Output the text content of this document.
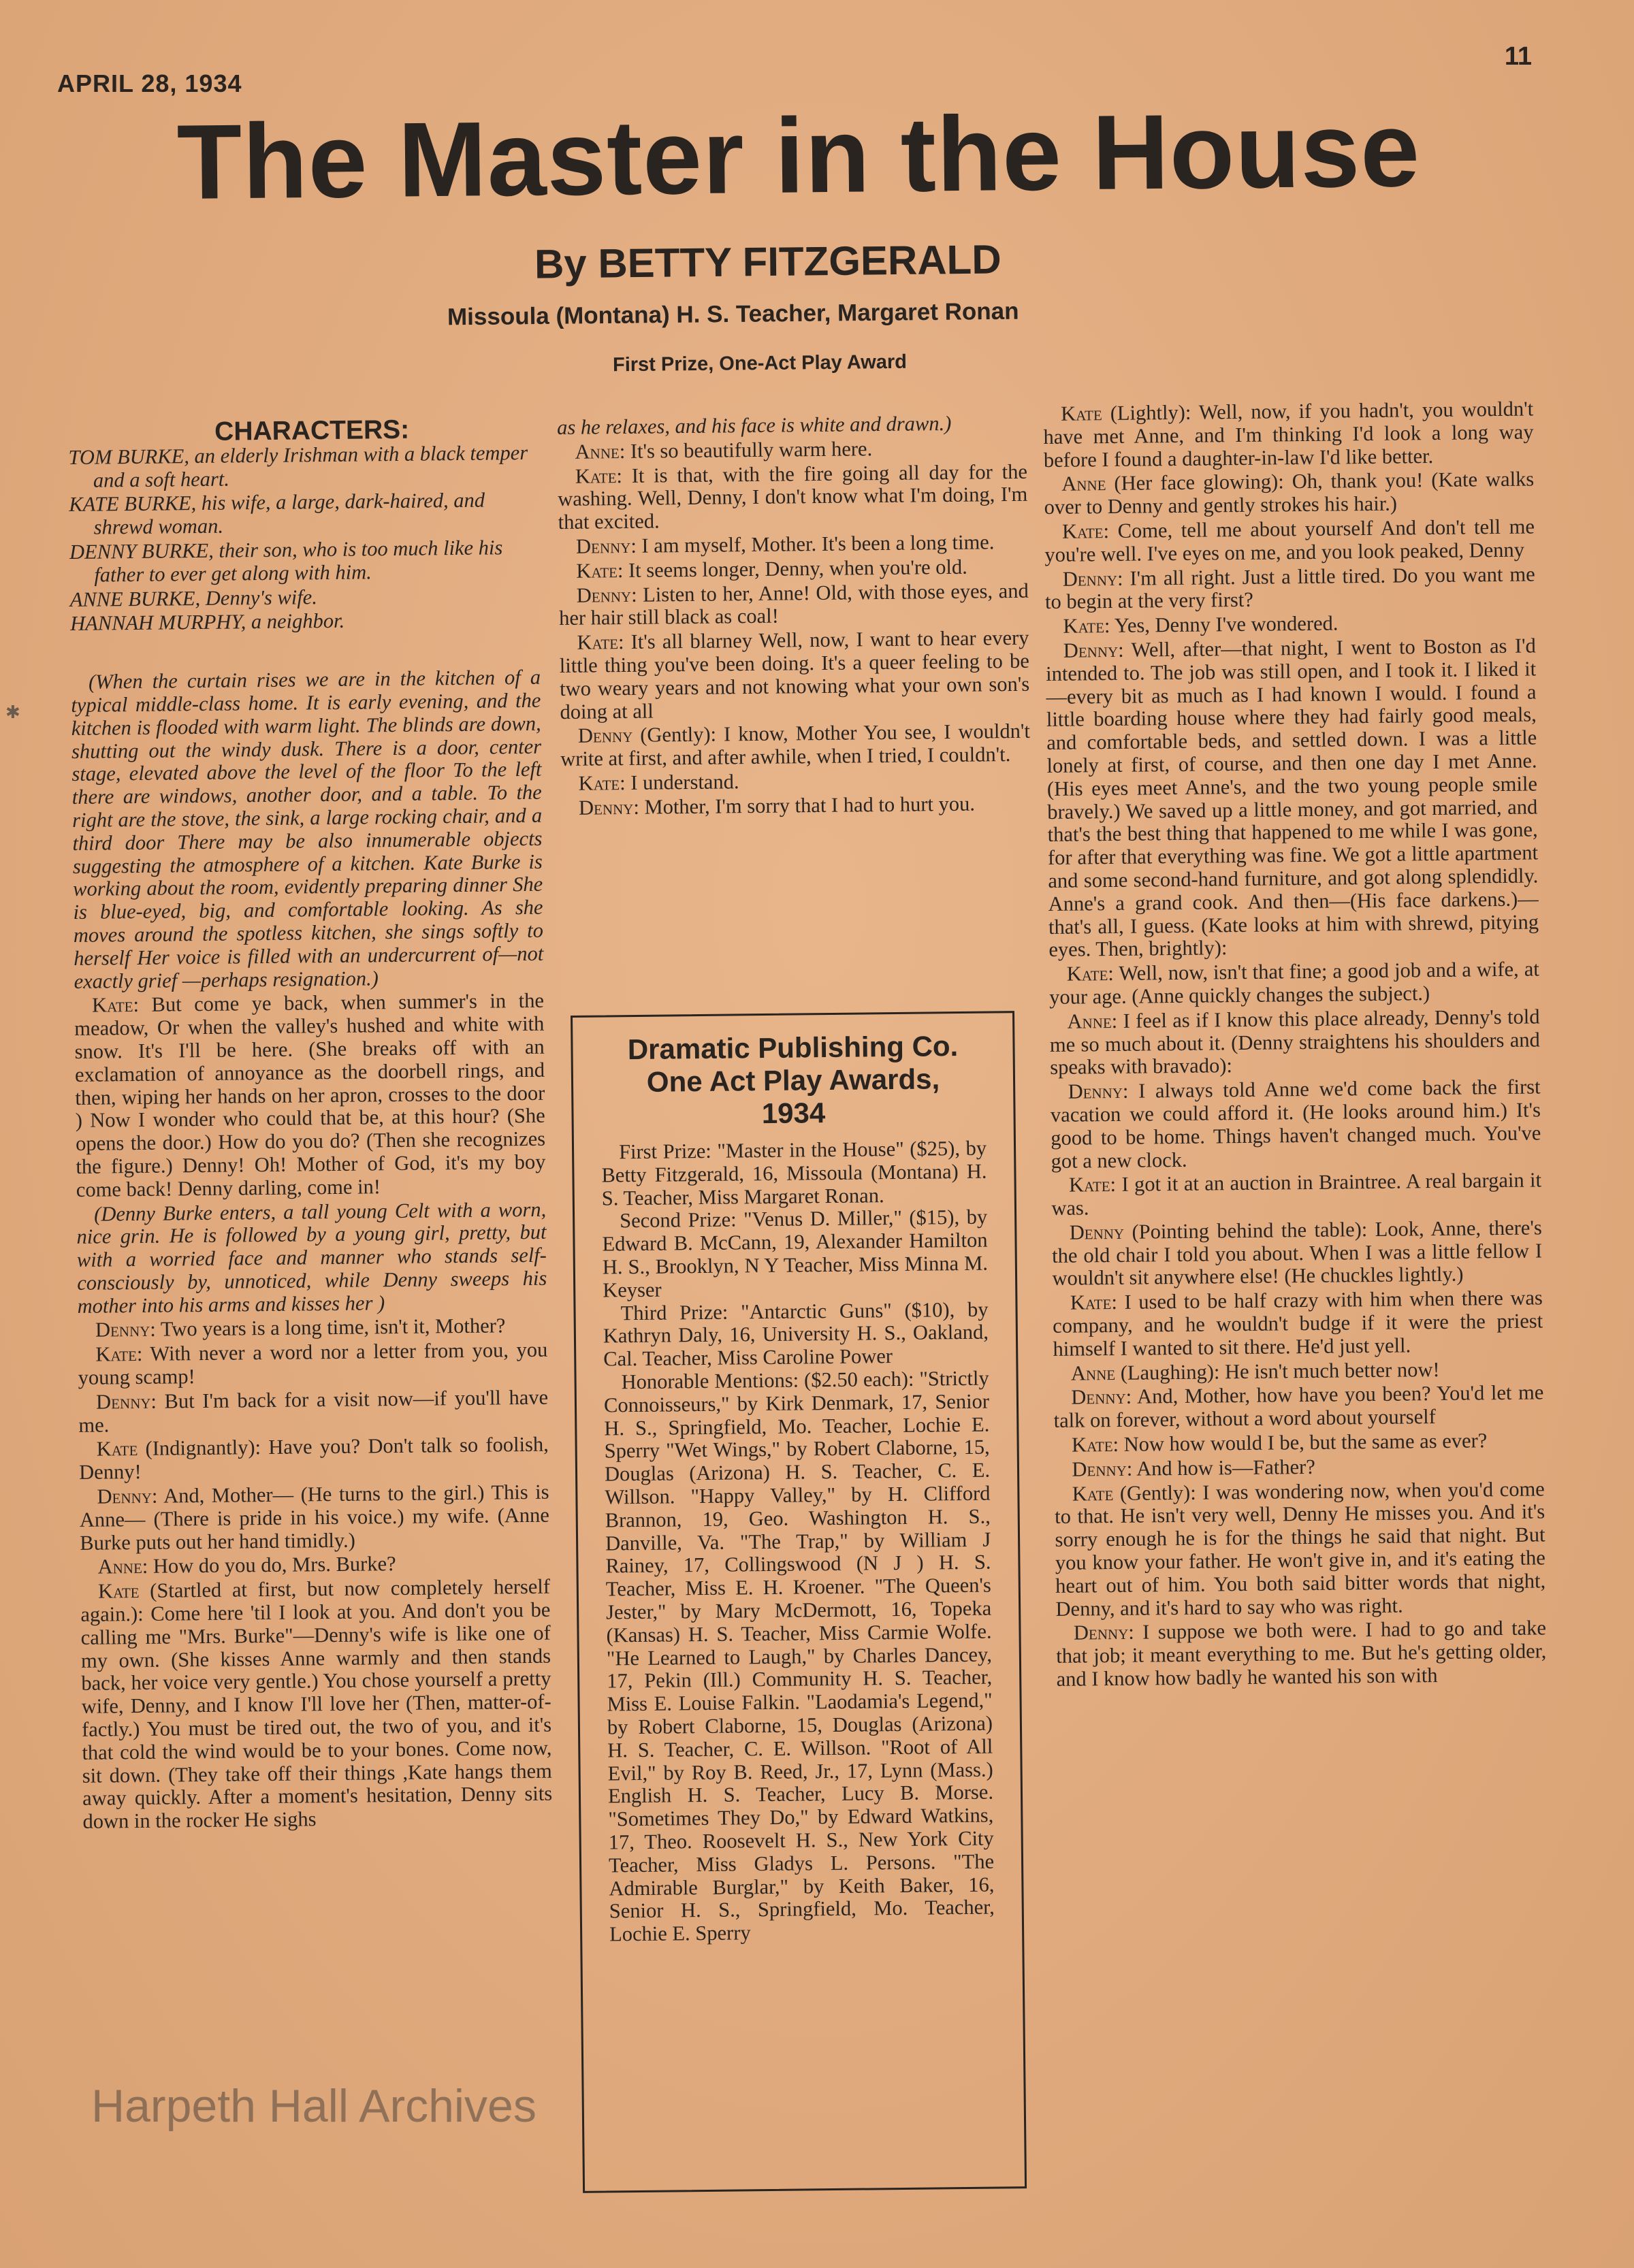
APRIL 28, 1934
11
✱
The Master in the House
By BETTY FITZGERALD
Missoula (Montana) H. S. Teacher, Margaret Ronan
First Prize, One-Act Play Award

CHARACTERS:

TOM BURKE, an elderly Irishman with a black temper and a soft heart.

KATE BURKE, his wife, a large, dark-haired, and shrewd woman.

DENNY BURKE, their son, who is too much like his father to ever get along with him.

ANNE BURKE, Denny's wife.

HANNAH MURPHY, a neighbor.

(When the curtain rises we are in the kitchen of a typical middle-class home. It is early evening, and the kitchen is flooded with warm light. The blinds are down, shutting out the windy dusk. There is a door, center stage, elevated above the level of the floor To the left there are windows, another door, and a table. To the right are the stove, the sink, a large rocking chair, and a third door There may be also innumerable objects suggesting the atmosphere of a kitchen. Kate Burke is working about the room, evidently preparing dinner She is blue-eyed, big, and comfortable looking. As she moves around the spotless kitchen, she sings softly to herself Her voice is filled with an undercurrent of—not exactly grief —perhaps resignation.)

Kate: But come ye back, when summer's in the meadow, Or when the valley's hushed and white with snow. It's I'll be here. (She breaks off with an exclamation of annoyance as the doorbell rings, and then, wiping her hands on her apron, crosses to the door ) Now I wonder who could that be, at this hour? (She opens the door.) How do you do? (Then she recognizes the figure.) Denny! Oh! Mother of God, it's my boy come back! Denny darling, come in!

(Denny Burke enters, a tall young Celt with a worn, nice grin. He is followed by a young girl, pretty, but with a worried face and manner who stands self-consciously by, unnoticed, while Denny sweeps his mother into his arms and kisses her )

Denny: Two years is a long time, isn't it, Mother?

Kate: With never a word nor a letter from you, you young scamp!

Denny: But I'm back for a visit now—if you'll have me.

Kate (Indignantly): Have you? Don't talk so foolish, Denny!

Denny: And, Mother— (He turns to the girl.) This is Anne— (There is pride in his voice.) my wife. (Anne Burke puts out her hand timidly.)

Anne: How do you do, Mrs. Burke?

Kate (Startled at first, but now completely herself again.): Come here 'til I look at you. And don't you be calling me "Mrs. Burke"—Denny's wife is like one of my own. (She kisses Anne warmly and then stands back, her voice very gentle.) You chose yourself a pretty wife, Denny, and I know I'll love her (Then, matter-of-factly.) You must be tired out, the two of you, and it's that cold the wind would be to your bones. Come now, sit down. (They take off their things ,Kate hangs them away quickly. After a moment's hesitation, Denny sits down in the rocker He sighs

as he relaxes, and his face is white and drawn.)

Anne: It's so beautifully warm here.

Kate: It is that, with the fire going all day for the washing. Well, Denny, I don't know what I'm doing, I'm that excited.

Denny: I am myself, Mother. It's been a long time.

Kate: It seems longer, Denny, when you're old.

Denny: Listen to her, Anne! Old, with those eyes, and her hair still black as coal!

Kate: It's all blarney Well, now, I want to hear every little thing you've been doing. It's a queer feeling to be two weary years and not knowing what your own son's doing at all

Denny (Gently): I know, Mother You see, I wouldn't write at first, and after awhile, when I tried, I couldn't.

Kate: I understand.

Denny: Mother, I'm sorry that I had to hurt you.

Dramatic Publishing Co.
One Act Play Awards,
1934

First Prize: "Master in the House" ($25), by Betty Fitzgerald, 16, Missoula (Montana) H. S. Teacher, Miss Margaret Ronan.

Second Prize: "Venus D. Miller," ($15), by Edward B. McCann, 19, Alexander Hamilton H. S., Brooklyn, N Y Teacher, Miss Minna M. Keyser

Third Prize: "Antarctic Guns" ($10), by Kathryn Daly, 16, University H. S., Oakland, Cal. Teacher, Miss Caroline Power

Honorable Mentions: ($2.50 each): "Strictly Connoisseurs," by Kirk Denmark, 17, Senior H. S., Springfield, Mo. Teacher, Lochie E. Sperry "Wet Wings," by Robert Claborne, 15, Douglas (Arizona) H. S. Teacher, C. E. Willson. "Happy Valley," by H. Clifford Brannon, 19, Geo. Washington H. S., Danville, Va. "The Trap," by William J Rainey, 17, Collingswood (N J ) H. S. Teacher, Miss E. H. Kroener. "The Queen's Jester," by Mary McDermott, 16, Topeka (Kansas) H. S. Teacher, Miss Carmie Wolfe. "He Learned to Laugh," by Charles Dancey, 17, Pekin (Ill.) Community H. S. Teacher, Miss E. Louise Falkin. "Laodamia's Legend," by Robert Claborne, 15, Douglas (Arizona) H. S. Teacher, C. E. Willson. "Root of All Evil," by Roy B. Reed, Jr., 17, Lynn (Mass.) English H. S. Teacher, Lucy B. Morse. "Sometimes They Do," by Edward Watkins, 17, Theo. Roosevelt H. S., New York City Teacher, Miss Gladys L. Persons. "The Admirable Burglar," by Keith Baker, 16, Senior H. S., Springfield, Mo. Teacher, Lochie E. Sperry

Kate (Lightly): Well, now, if you hadn't, you wouldn't have met Anne, and I'm thinking I'd look a long way before I found a daughter-in-law I'd like better.

Anne (Her face glowing): Oh, thank you! (Kate walks over to Denny and gently strokes his hair.)

Kate: Come, tell me about yourself And don't tell me you're well. I've eyes on me, and you look peaked, Denny

Denny: I'm all right. Just a little tired. Do you want me to begin at the very first?

Kate: Yes, Denny I've wondered.

Denny: Well, after—that night, I went to Boston as I'd intended to. The job was still open, and I took it. I liked it—every bit as much as I had known I would. I found a little boarding house where they had fairly good meals, and comfortable beds, and settled down. I was a little lonely at first, of course, and then one day I met Anne. (His eyes meet Anne's, and the two young people smile bravely.) We saved up a little money, and got married, and that's the best thing that happened to me while I was gone, for after that everything was fine. We got a little apartment and some second-hand furniture, and got along splendidly. Anne's a grand cook. And then—(His face darkens.)—that's all, I guess. (Kate looks at him with shrewd, pitying eyes. Then, brightly):

Kate: Well, now, isn't that fine; a good job and a wife, at your age. (Anne quickly changes the subject.)

Anne: I feel as if I know this place already, Denny's told me so much about it. (Denny straightens his shoulders and speaks with bravado):

Denny: I always told Anne we'd come back the first vacation we could afford it. (He looks around him.) It's good to be home. Things haven't changed much. You've got a new clock.

Kate: I got it at an auction in Braintree. A real bargain it was.

Denny (Pointing behind the table): Look, Anne, there's the old chair I told you about. When I was a little fellow I wouldn't sit anywhere else! (He chuckles lightly.)

Kate: I used to be half crazy with him when there was company, and he wouldn't budge if it were the priest himself I wanted to sit there. He'd just yell.

Anne (Laughing): He isn't much better now!

Denny: And, Mother, how have you been? You'd let me talk on forever, without a word about yourself

Kate: Now how would I be, but the same as ever?

Denny: And how is—Father?

Kate (Gently): I was wondering now, when you'd come to that. He isn't very well, Denny He misses you. And it's sorry enough he is for the things he said that night. But you know your father. He won't give in, and it's eating the heart out of him. You both said bitter words that night, Denny, and it's hard to say who was right.

Denny: I suppose we both were. I had to go and take that job; it meant everything to me. But he's getting older, and I know how badly he wanted his son with

Harpeth Hall Archives
